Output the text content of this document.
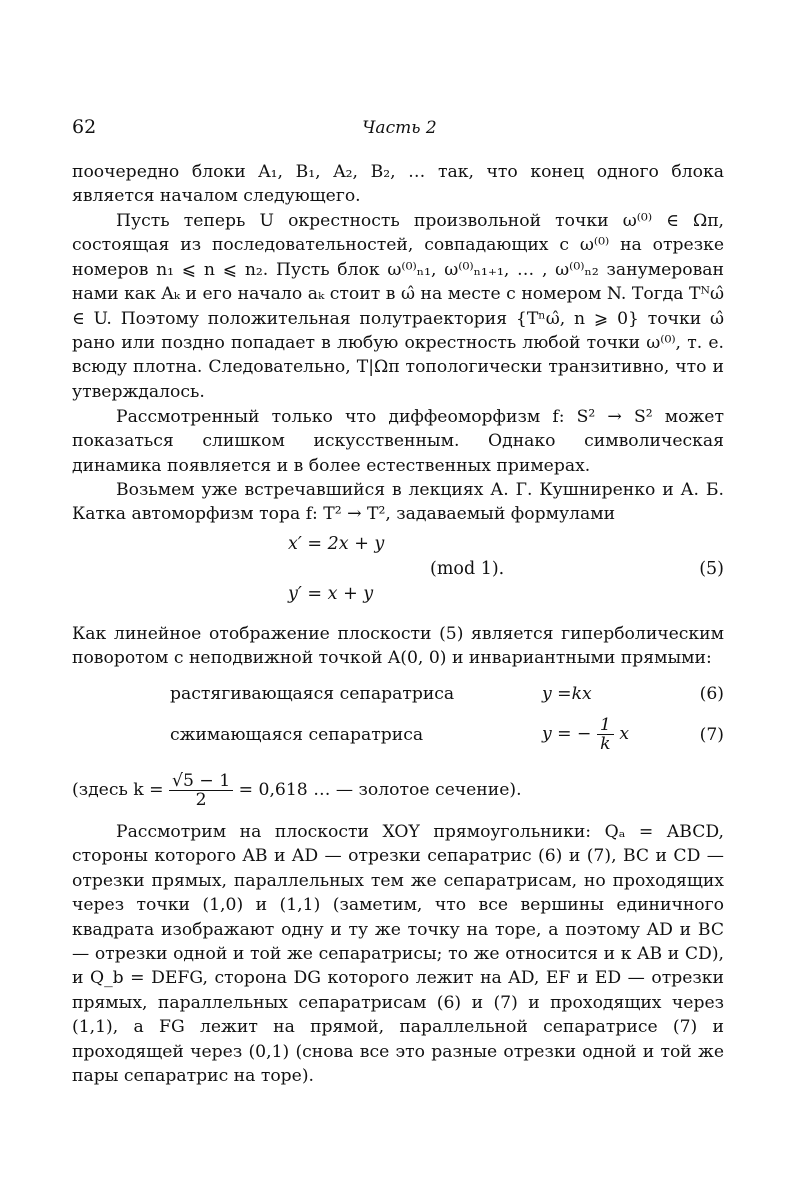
62	Часть 2

поочередно блоки A₁, B₁, A₂, B₂, … так, что конец одного блока является началом следующего.

Пусть теперь U окрестность произвольной точки ω⁽⁰⁾ ∈ Ωᴨ, состоящая из последовательностей, совпадающих с ω⁽⁰⁾ на отрезке номеров n₁ ⩽ n ⩽ n₂. Пусть блок ω⁽⁰⁾ₙ₁, ω⁽⁰⁾ₙ₁₊₁, … , ω⁽⁰⁾ₙ₂ занумерован нами как Aₖ и его начало aₖ стоит в ω̂ на месте с номером N. Тогда Tᴺω̂ ∈ U. Поэтому положительная полутраектория {Tⁿω̂, n ⩾ 0} точки ω̂ рано или поздно попадает в любую окрестность любой точки ω⁽⁰⁾, т. е. всюду плотна. Следовательно, T|Ωᴨ топологически транзитивно, что и утверждалось.

Рассмотренный только что диффеоморфизм f: S² → S² может показаться слишком искусственным. Однако символическая динамика появляется и в более естественных примерах.

Возьмем уже встречавшийся в лекциях А. Г. Кушниренко и А. Б. Катка автоморфизм тора f: T² → T², задаваемый формулами

x′ = 2x + y
y′ = x + y
(mod 1).	(5)

Как линейное отображение плоскости (5) является гиперболическим поворотом с неподвижной точкой A(0, 0) и инвариантными прямыми:

растягивающаяся сепаратриса	y =kx	(6)
сжимающаяся сепаратриса	y = − $\frac{1}{k}$ x	(7)
(здесь $k = \frac{√5 - 1}{2} = 0,618$ … — золотое сечение).

Рассмотрим на плоскости XOY прямоугольники: Qₐ = ABCD, стороны которого AB и AD — отрезки сепаратрис (6) и (7), BC и CD — отрезки прямых, параллельных тем же сепаратрисам, но проходящих через точки (1,0) и (1,1) (заметим, что все вершины единичного квадрата изображают одну и ту же точку на торе, а поэтому AD и BC — отрезки одной и той же сепаратрисы; то же относится и к AB и CD), и Q_b = DEFG, сторона DG которого лежит на AD, EF и ED — отрезки прямых, параллельных сепаратрисам (6) и (7) и проходящих через (1,1), а FG лежит на прямой, параллельной сепаратрисе (7) и проходящей через (0,1) (снова все это разные отрезки одной и той же пары сепаратрис на торе).
